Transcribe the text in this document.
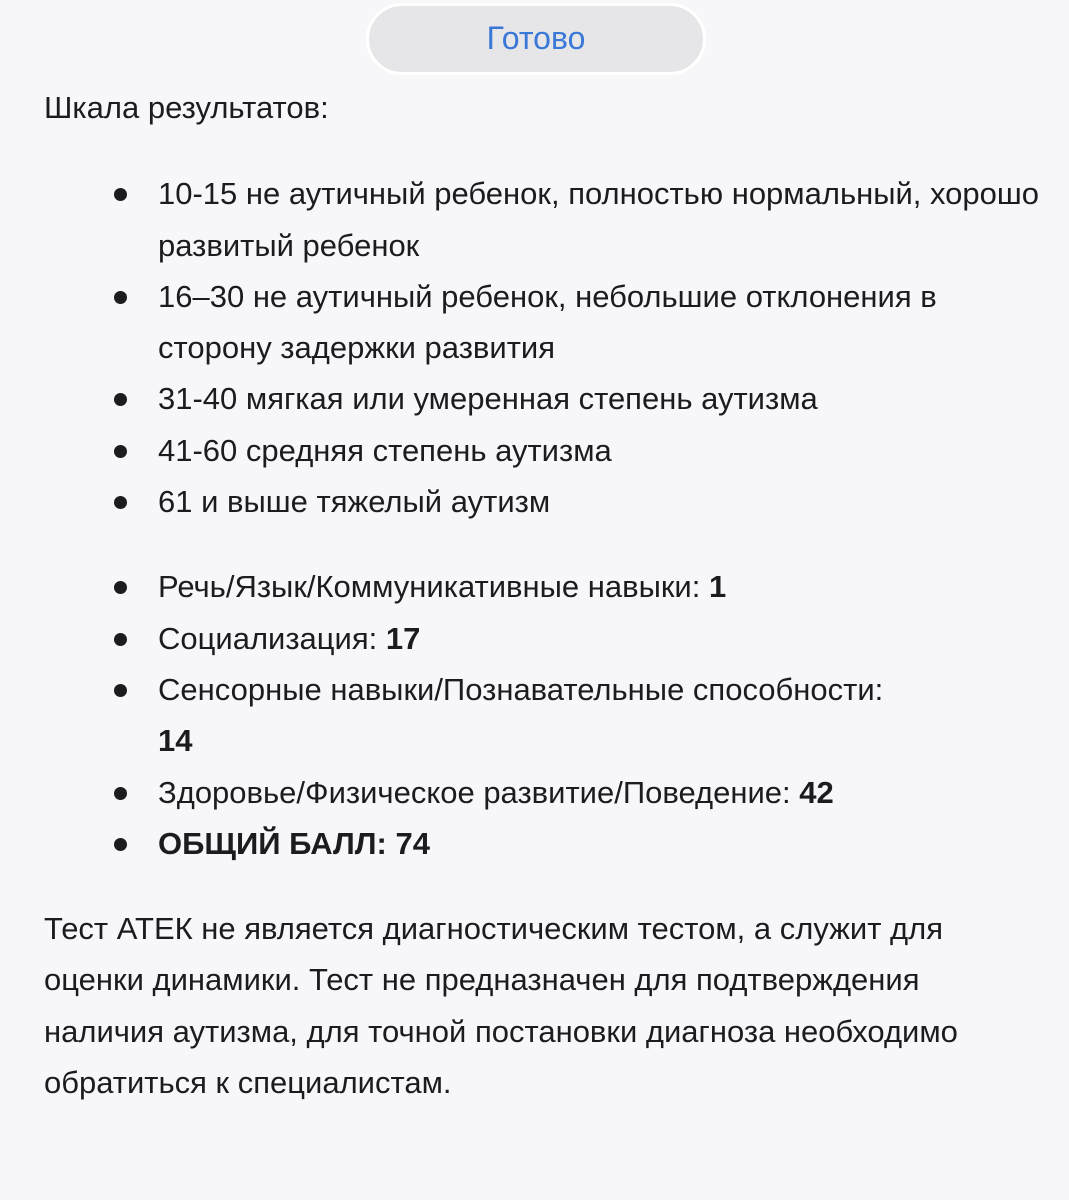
Готово

Шкала результатов:

10-15 не аутичный ребенок, полностью нормальный, хорошо развитый ребенок
16–30 не аутичный ребенок, небольшие отклонения в сторону задержки развития
31-40 мягкая или умеренная степень аутизма
41-60 средняя степень аутизма
61 и выше тяжелый аутизм
Речь/Язык/Коммуникативные навыки: 1
Социализация: 17
Сенсорные навыки/Познавательные способности:
14
Здоровье/Физическое развитие/Поведение: 42
ОБЩИЙ БАЛЛ: 74

Тест АТЕК не является диагностическим тестом, а служит для оценки динамики. Тест не предназначен для подтверждения наличия аутизма, для точной постановки диагноза необходимо обратиться к специалистам.
